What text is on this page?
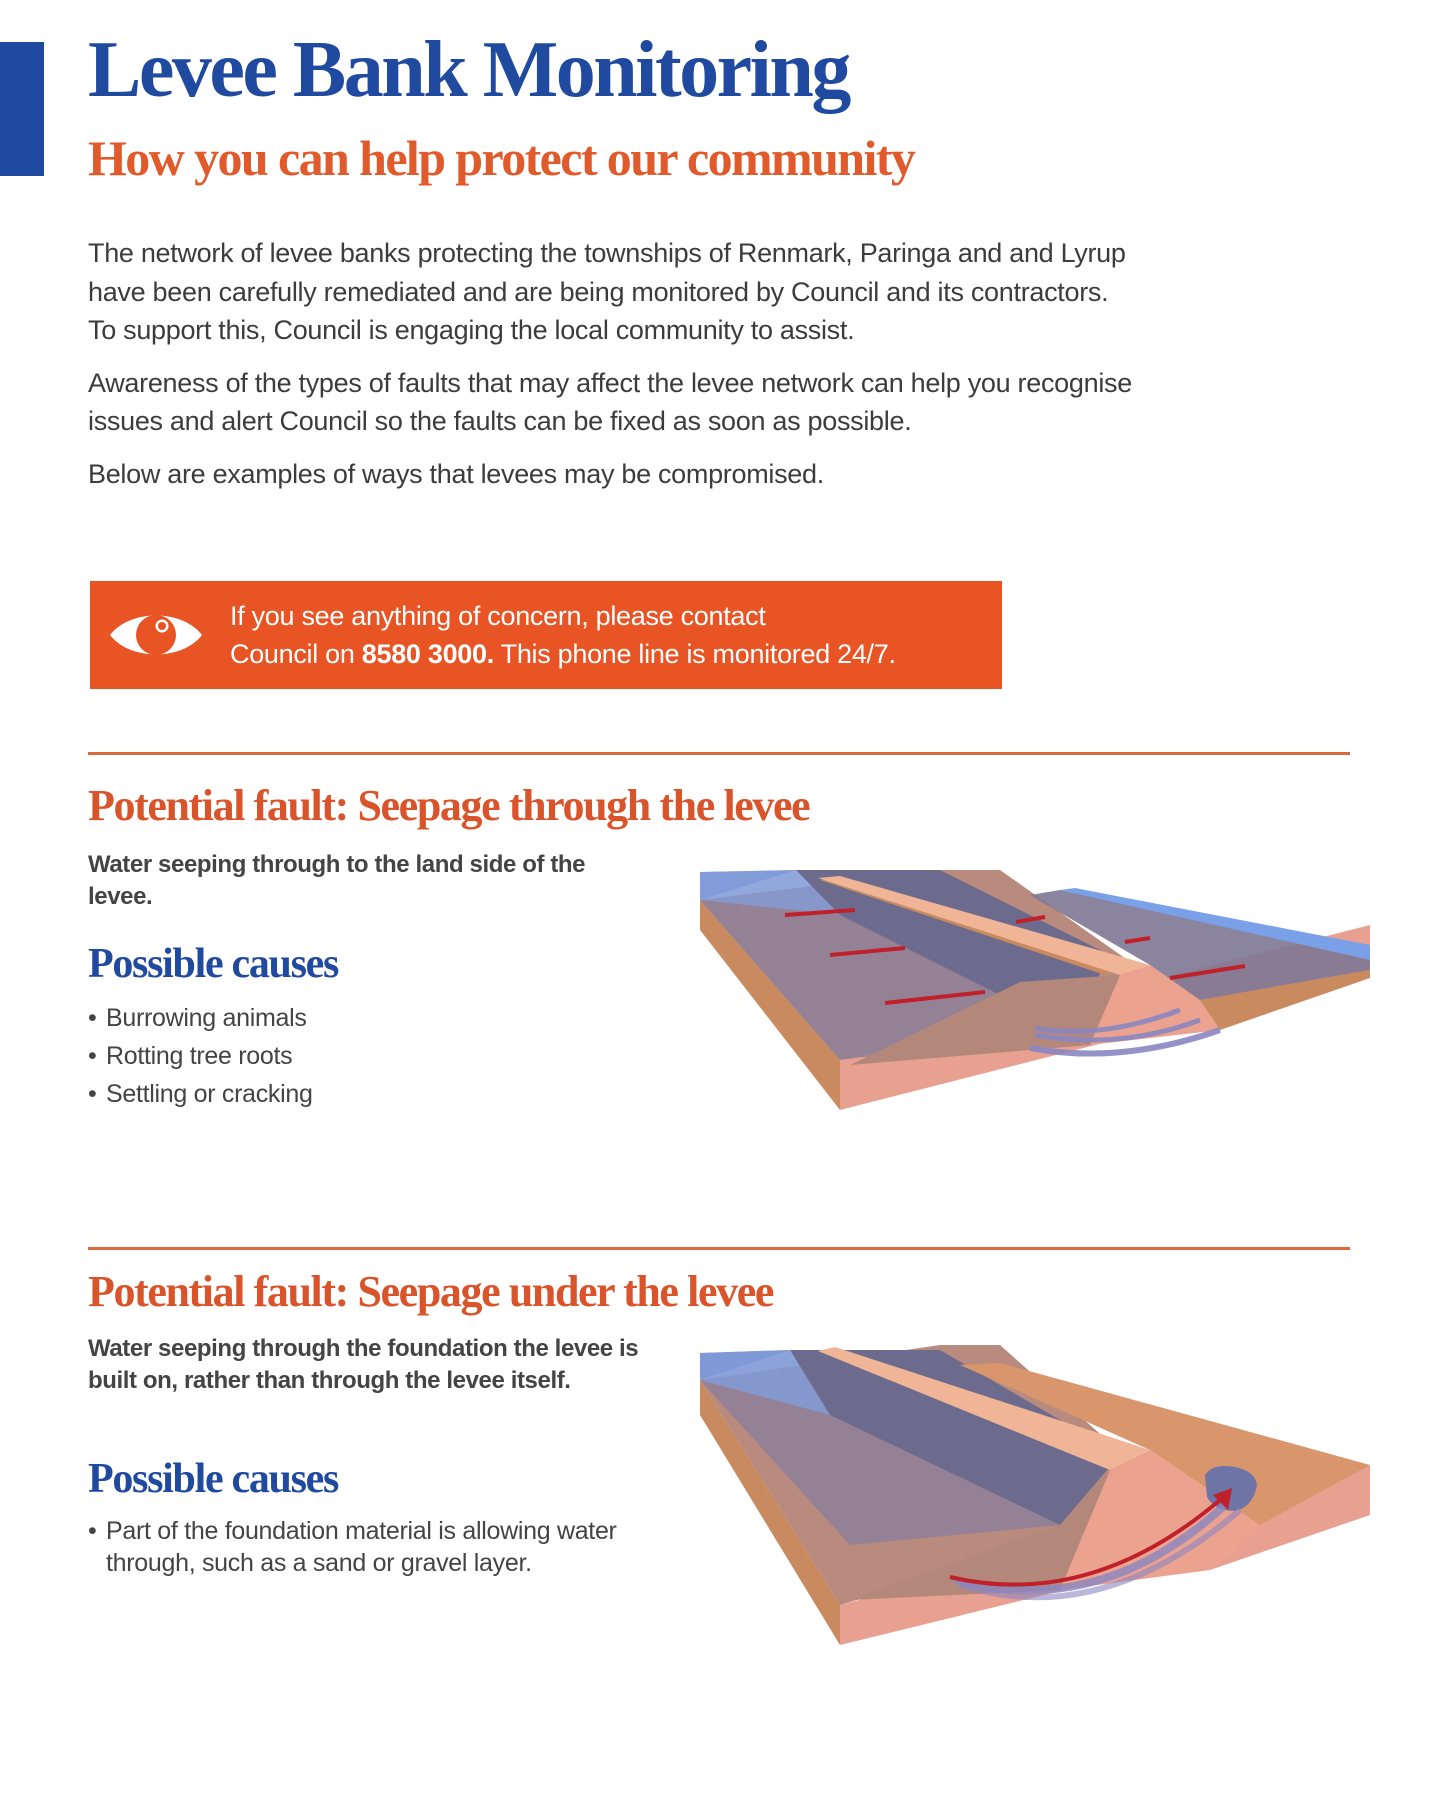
Levee Bank Monitoring
How you can help protect our community

The network of levee banks protecting the townships of Renmark, Paringa and and Lyrup have been carefully remediated and are being monitored by Council and its contractors. To support this, Council is engaging the local community to assist.

Awareness of the types of faults that may affect the levee network can help you recognise issues and alert Council so the faults can be fixed as soon as possible.

Below are examples of ways that levees may be compromised.

If you see anything of concern, please contact
Council on 8580 3000. This phone line is monitored 24/7.
Potential fault: Seepage through the levee

Water seeping through to the land side of the levee.

Possible causes
• Burrowing animals
• Rotting tree roots
• Settling or cracking
Potential fault: Seepage under the levee

Water seeping through the foundation the levee is built on, rather than through the levee itself.

Possible causes
• Part of the foundation material is allowing water through, such as a sand or gravel layer.
